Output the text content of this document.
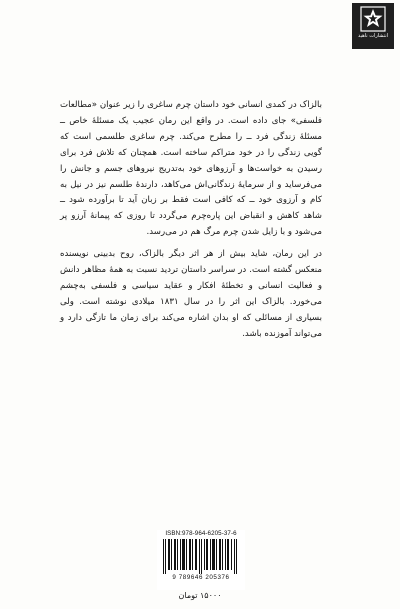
انتشارات ناهید

بالزاک در کمدی انسانی خود داستان چرم ساغری را زیر عنوان «مطالعات فلسفی» جای داده است. در واقع این رمان عجیب یک مسئلهٔ خاص ــ مسئلهٔ زندگی فرد ــ را مطرح می‌کند. چرم ساغری طلسمی است که گویی زندگی را در خود متراکم ساخته است. همچنان که تلاش فرد برای رسیدن به خواست‌ها و آرزوهای خود به‌تدریج نیروهای جسم و جانش را می‌فرساید و از سرمایهٔ زندگانی‌اش می‌کاهد، دارندهٔ طلسم نیز در نیل به کام و آرزوی خود ــ که کافی است فقط بر زبان آید تا برآورده شود ــ شاهد کاهش و انقباض این پاره‌چرم می‌گردد تا روزی که پیمانهٔ آرزو پر می‌شود و با زایل شدن چرم مرگ هم در می‌رسد.

در این رمان، شاید بیش از هر اثر دیگر بالزاک، روح بدبینی نویسنده منعکس گشته است. در سراسر داستان تردید نسبت به همهٔ مظاهر دانش و فعالیت انسانی و تخطئهٔ افکار و عقاید سیاسی و فلسفی به‌چشم می‌خورد. بالزاک این اثر را در سال ۱۸۳۱ میلادی نوشته است. ولی بسیاری از مسائلی که او بدان اشاره می‌کند برای زمان ما تازگی دارد و می‌تواند آموزنده باشد.

ISBN:978-964-6205-37-6
9 789646 205376
۱۵۰۰۰ تومان
